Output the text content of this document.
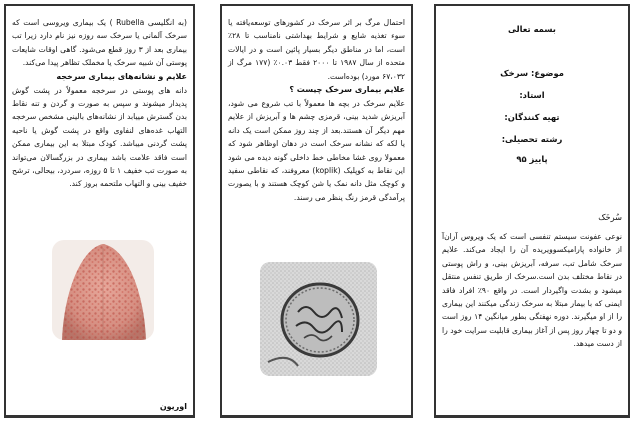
(به انگلیسی Rubella ) یک بیماری ویروسی است که سرخک آلمانی یا سرخک سه روزه نیز نام دارد زیرا تب بیماری بعد از ۳ روز قطع می‌شود. گاهی اوقات شایعات پوستی آن شبیه سرخک یا مخملک تظاهر پیدا می‌کند.

علایم و نشانه‌های بیماری سرخجه

دانه های پوستی در سرخجه معمولاً در پشت گوش پدیدار میشوند و سپس به صورت و گردن و تنه نقاط بدن گسترش مییابد از نشانه‌های بالینی مشخص سرخجه التهاب غده‌های لنفاوی واقع در پشت گوش یا ناحیه پشت گردنی میباشد. کودک مبتلا به این بیماری ممکن است فاقد علامت باشد بیماری در بزرگسالان می‌تواند به صورت تب خفیف ۱ تا ۵ روزه، سردرد، بیحالی، ترشح خفیف بینی و التهاب ملتحمه بروز کند.

اوریون

احتمال مرگ بر اثر سرخک در کشورهای توسعه‌یافته یا سوء تغذیه شایع و شرایط بهداشتی نامناسب تا ۲۸٪ است، اما در مناطق دیگر بسیار پائین است و در ایالات متحده از سال ۱۹۸۷ تا ۲۰۰۰ فقط ۰.۰۳٪ (۱۷۷ مرگ از ۶۷،۰۳۲ مورد) بوده‌است.

علایم بیماری سرخک چیست ؟

علایم سرخک در بچه ها معمولاً با تب شروع می شود، آبریزش شدید بینی، قرمزی چشم ها و آبریزش از علایم مهم دیگر آن هستند.بعد از چند روز ممکن است یک دانه یا لکه که نشانه سرخک است در دهان اوظاهر شود که معمولا روی غشا مخاطی خط داخلی گونه دیده می شود این نقاط به کوپلیک (koplik) معروفند، که نقاطی سفید و کوچک مثل دانه نمک یا شن کوچک هستند و با یصورت پرآمدگی قرمز رنگ ینظر می رسند.

بسمه تعالی
موضوع: سرخک
استاد:
تهیه کنندگان:
رشته تحصیلی:
پاییز ۹۵

سُرخَک

نوعی عفونت سیستم تنفسی است که یک ویروس آران‌آ از خانواده پارامیکسوویریده آن را ایجاد می‌کند. علایم سرخک شامل تب، سرفه، آبریزش بینی، و راش پوستی در نقاط مختلف بدن است.سرخک از طریق تنفس منتقل میشود و بشدت واگیردار است. در واقع ۹۰٪ افراد فاقد ایمنی که با بیمار مبتلا به سرخک زندگی میکنند این بیماری را از او میگیرند. دوره نهفتگی بطور میانگین ۱۴ روز است و دو تا چهار روز پس از آغاز بیماری قابلیت سرایت خود را از دست میدهد.
